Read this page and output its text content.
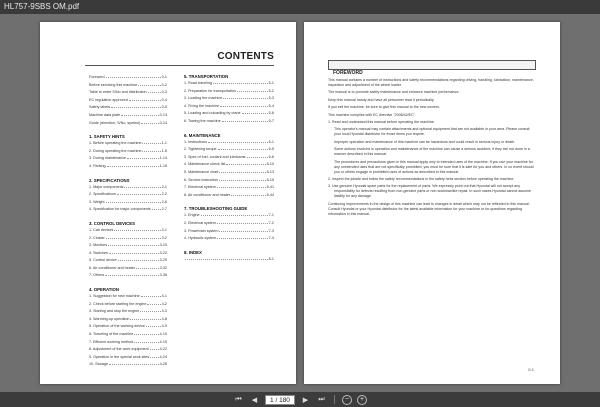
HL757-9SBS OM.pdf
CONTENTS
Foreword	0-1
Before servicing this machine	0-2
Table to enter S/No and distribution	0-3
EC regulation approved	0-4
Safety labels	0-5
Machine data plate	0-13
Guide (direction, S/No, symbol)	0-14
1. SAFETY HINTS
1. Before operating the machine	1-1
2. During operating the machine	1-5
3. During maintenance	1-14
4. Parking	1-16
2. SPECIFICATIONS
1. Major components	2-1
2. Specifications	2-2
3. Weight	2-6
4. Specification for major components	2-7
3. CONTROL DEVICES
1. Cab devices	3-1
2. Cluster	3-2
3. Monitors	3-10
4. Switches	3-22
5. Control device	3-29
6. Air conditioner and heater	3-32
7. Others	3-36
4. OPERATION
1. Suggestion for new machine	4-1
2. Check before starting the engine	4-2
3. Starting and stop the engine	4-3
4. Warming-up operation	4-8
5. Operation of the working device	4-9
6. Traveling of the machine	4-10
7. Efficient working method	4-15
8. Adjustment of the work equipment	4-22
9. Operation in the special work sites	4-24
10. Storage	4-26
5. TRANSPORTATION
1. Road traveling	5-1
2. Preparation for transportation	5-2
3. Loading the machine	5-3
4. Fixing the machine	5-4
5. Loading and unloading by crane	5-6
6. Towing the machine	5-7
6. MAINTENANCE
1. Instructions	6-1
2. Tightening torque	6-5
3. Spec of fuel, coolant and lubricants	6-6
4. Maintenance check list	6-10
5. Maintenance chart	6-13
6. Service instruction	6-15
7. Electrical system	6-41
8. Air conditioner and heater	6-44
7. TROUBLESHOOTING GUIDE
1. Engine	7-1
2. Electrical system	7-2
3. Powertrain system	7-3
4. Hydraulic system	7-4
8. INDEX
8-1
FOREWORD

This manual contains a number of instructions and safety recommendations regarding driving, handling, lubrication, maintenance, inspection and adjustment of the wheel loader.

The manual is to promote safety maintenance and enhance machine performance.

Keep this manual handy and have all personnel read it periodically.

If you sell the machine, be sure to give this manual to the new owners.

This machine complies with EC directive "2006/42/EC".

1. Read and understand this manual before operating the machine.

This operator's manual may contain attachments and optional equipment that are not available in your area. Please consult your local Hyundai distributor for those items you require.

Improper operation and maintenance of this machine can be hazardous and could result in serious injury or death.

Some actions involved in operation and maintenance of the machine can cause a serious accident, if they are not done in a manner described in this manual.

The procedures and precautions given in this manual apply only to intended uses of the machine. If you use your machine for any unintended uses that are not specifically prohibited, you must be sure that it is safe for you and others. In no event should you or others engage in prohibited uses of actions as described in this manual.

2. Inspect the jobsite and follow the safety recommendations in the safety hints section before operating the machine.

3. Use genuine Hyundai spare parts for the replacement of parts. We expressly point out that Hyundai will not accept any responsibility for defects resulting from non-genuine parts or non workmanlike repair. In such cases Hyundai cannot assume liability for any damage.

Continuing improvements in the design of this machine can lead to changes in detail which may not be reflected in this manual. Consult Hyundai or your Hyundai distributor for the latest available information for your machine or for questions regarding information in this manual.

0-1
⏮ ◀	1 / 180	▶ ⏭	− +
